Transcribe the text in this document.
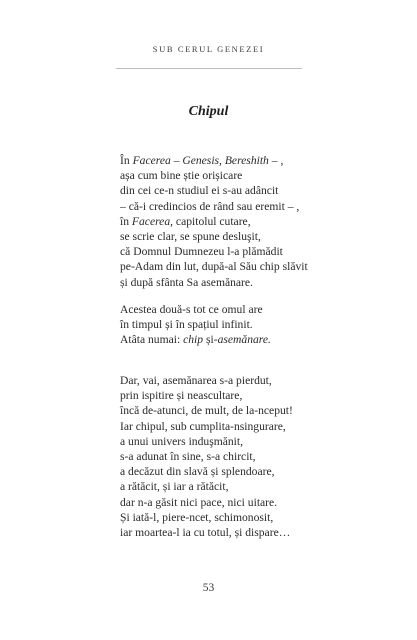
SUB CERUL GENEZEI
Chipul
În Facerea – Genesis, Bereshith – ,
așa cum bine știe orișicare
din cei ce-n studiul ei s-au adâncit
– că-i credincios de rând sau eremit – ,
în Facerea, capitolul cutare,
se scrie clar, se spune desluşit,
că Domnul Dumnezeu l-a plămădit
pe-Adam din lut, după-al Său chip slăvit
și după sfânta Sa asemănare.
Acestea două-s tot ce omul are
în timpul și în spațiul infinit.
Atâta numai: chip și-asemănare.
Dar, vai, asemănarea s-a pierdut,
prin ispitire și neascultare,
încă de-atunci, de mult, de la-nceput!
Iar chipul, sub cumplita-nsingurare,
a unui univers induşmănit,
s-a adunat în sine, s-a chircit,
a decăzut din slavă și splendoare,
a rătăcit, și iar a rătăcit,
dar n-a găsit nici pace, nici uitare.
Și iată-l, piere-ncet, schimonosit,
iar moartea-l ia cu totul, și dispare…
53
